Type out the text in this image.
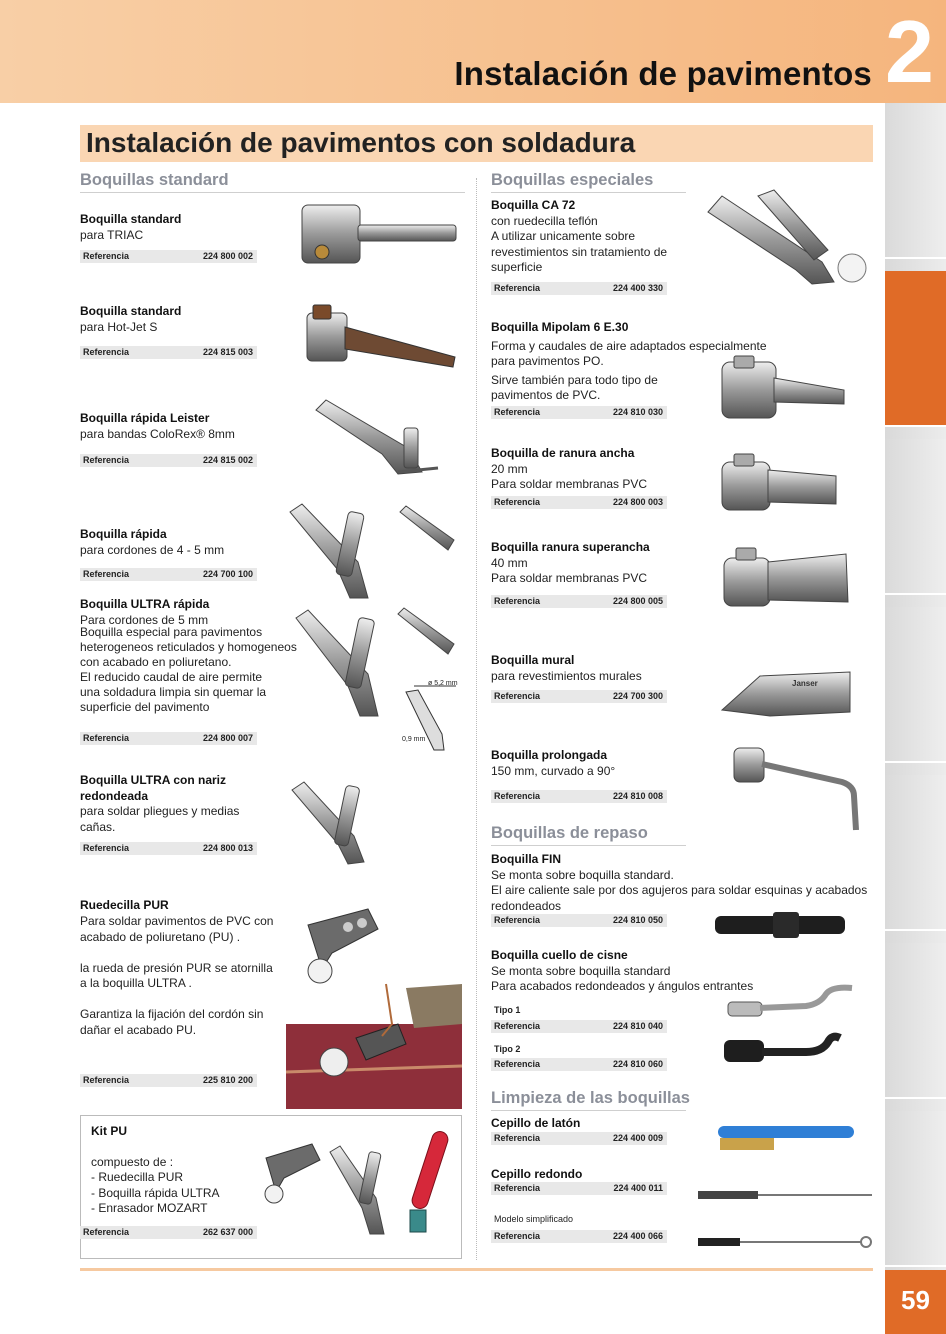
Instalación de pavimentos 2
59
Instalación de pavimentos con soldadura
Boquillas standard
Boquilla standard
para TRIAC
Referencia	224 800 002
Boquilla standard
para Hot-Jet S
Referencia	224 815 003
Boquilla rápida Leister
para bandas ColoRex® 8mm
Referencia	224 815 002
Boquilla rápida
para cordones de 4 - 5 mm
Referencia	224 700 100
Boquilla ULTRA rápida
Para cordones de 5 mm
Boquilla especial para pavimentos
heterogeneos reticulados y homogeneos
con acabado en poliuretano.
El reducido caudal de aire permite
una soldadura limpia sin quemar la
superficie del pavimento
Referencia	224 800 007
ø 5,2 mm
0,9 mm
Boquilla ULTRA con nariz
redondeada
para soldar pliegues y medias
cañas.
Referencia	224 800 013
Ruedecilla PUR
Para soldar pavimentos de PVC con
acabado de poliuretano (PU) .
la rueda de presión PUR se atornilla
a la boquilla ULTRA .
Garantiza la fijación del cordón sin
dañar el acabado PU.
Referencia	225 810 200
Kit PU
compuesto de :
- Ruedecilla PUR
- Boquilla rápida ULTRA
- Enrasador MOZART
Referencia	262 637 000
Boquillas especiales
Boquilla CA 72
con ruedecilla teflón
A utilizar unicamente sobre
revestimientos sin tratamiento de
superficie
Referencia	224 400 330
Boquilla Mipolam 6 E.30
Forma y caudales de aire adaptados especialmente
para pavimentos PO.
Sirve también para todo tipo de
pavimentos de PVC.
Referencia	224 810 030
Boquilla de ranura ancha
20 mm
Para soldar membranas PVC
Referencia	224 800 003
Boquilla ranura superancha
40 mm
Para soldar membranas PVC
Referencia	224 800 005
Boquilla mural
para revestimientos murales
Referencia	224 700 300
Janser
Boquilla prolongada
150 mm, curvado a 90°
Referencia	224 810 008
Boquillas de repaso
Boquilla FIN
Se monta sobre boquilla standard.
El aire caliente sale por dos agujeros para soldar esquinas y acabados
redondeados
Referencia	224 810 050
Boquilla cuello de cisne
Se monta sobre boquilla standard
Para acabados redondeados y ángulos entrantes
Tipo 1
Referencia	224 810 040
Tipo 2
Referencia	224 810 060
Limpieza de las boquillas
Cepillo de latón
Referencia	224 400 009
Cepillo redondo
Referencia	224 400 011
Modelo simplificado
Referencia	224 400 066
